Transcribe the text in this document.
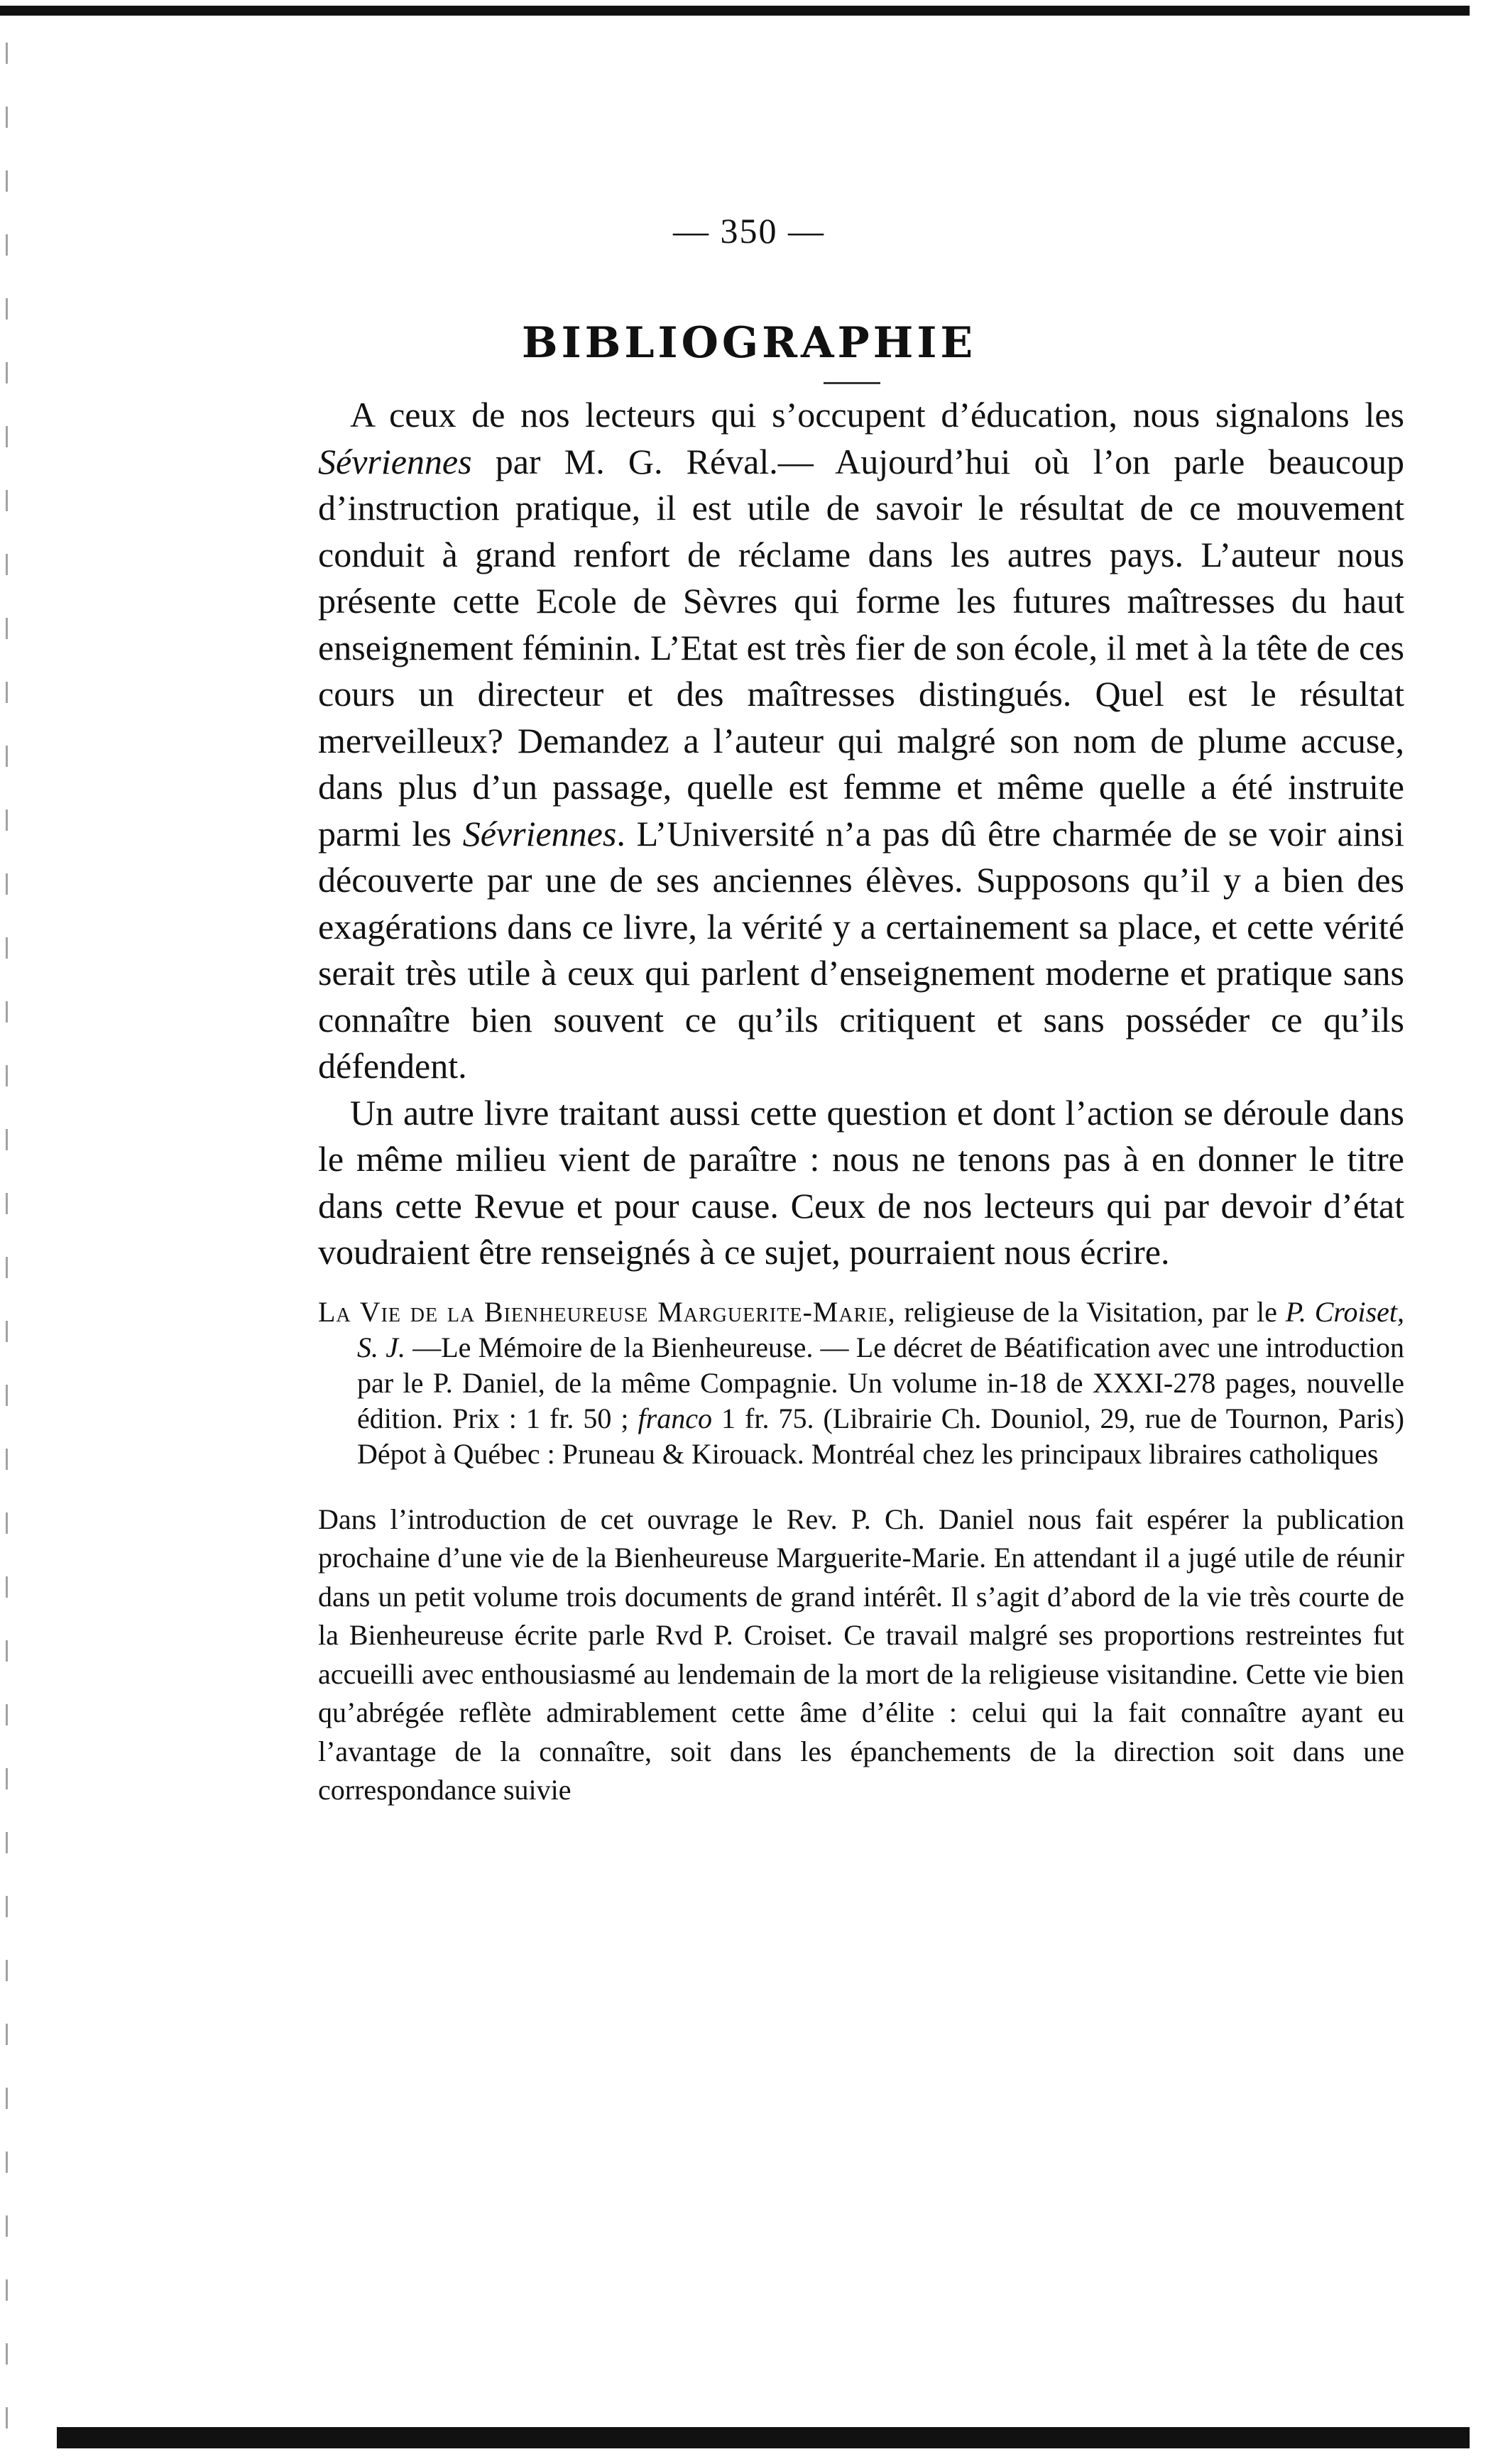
— 350 —
BIBLIOGRAPHIE

A ceux de nos lecteurs qui s’occupent d’éducation, nous signalons les Sévriennes par M. G. Réval.— Aujourd’hui où l’on parle beaucoup d’instruction pratique, il est utile de savoir le résultat de ce mouvement conduit à grand renfort de réclame dans les autres pays. L’auteur nous présente cette Ecole de Sèvres qui forme les futures maîtresses du haut enseignement féminin. L’Etat est très fier de son école, il met à la tête de ces cours un directeur et des maîtresses distingués. Quel est le résultat merveilleux? Demandez a l’auteur qui malgré son nom de plume accuse, dans plus d’un passage, quelle est femme et même quelle a été instruite parmi les Sévriennes. L’Université n’a pas dû être charmée de se voir ainsi découverte par une de ses anciennes élèves. Supposons qu’il y a bien des exagérations dans ce livre, la vérité y a certainement sa place, et cette vérité serait très utile à ceux qui parlent d’enseignement moderne et pratique sans connaître bien souvent ce qu’ils critiquent et sans posséder ce qu’ils défendent.

Un autre livre traitant aussi cette question et dont l’action se déroule dans le même milieu vient de paraître : nous ne tenons pas à en donner le titre dans cette Revue et pour cause. Ceux de nos lecteurs qui par devoir d’état voudraient être renseignés à ce sujet, pourraient nous écrire.

La Vie de la Bienheureuse Marguerite-Marie, religieuse de la Visitation, par le P. Croiset, S. J. —Le Mémoire de la Bienheureuse. — Le décret de Béatification avec une introduction par le P. Daniel, de la même Compagnie. Un volume in-18 de XXXI-278 pages, nouvelle édition. Prix : 1 fr. 50 ; franco 1 fr. 75. (Librairie Ch. Douniol, 29, rue de Tournon, Paris) Dépot à Québec : Pruneau & Kirouack. Montréal chez les principaux libraires catholiques

Dans l’introduction de cet ouvrage le Rev. P. Ch. Daniel nous fait espérer la publication prochaine d’une vie de la Bienheureuse Marguerite-Marie. En attendant il a jugé utile de réunir dans un petit volume trois documents de grand intérêt. Il s’agit d’abord de la vie très courte de la Bienheureuse écrite parle Rvd P. Croiset. Ce travail malgré ses proportions restreintes fut accueilli avec enthousiasmé au lendemain de la mort de la religieuse visitandine. Cette vie bien qu’abrégée reflète admirablement cette âme d’élite : celui qui la fait connaître ayant eu l’avantage de la connaître, soit dans les épanchements de la direction soit dans une correspondance suivie
